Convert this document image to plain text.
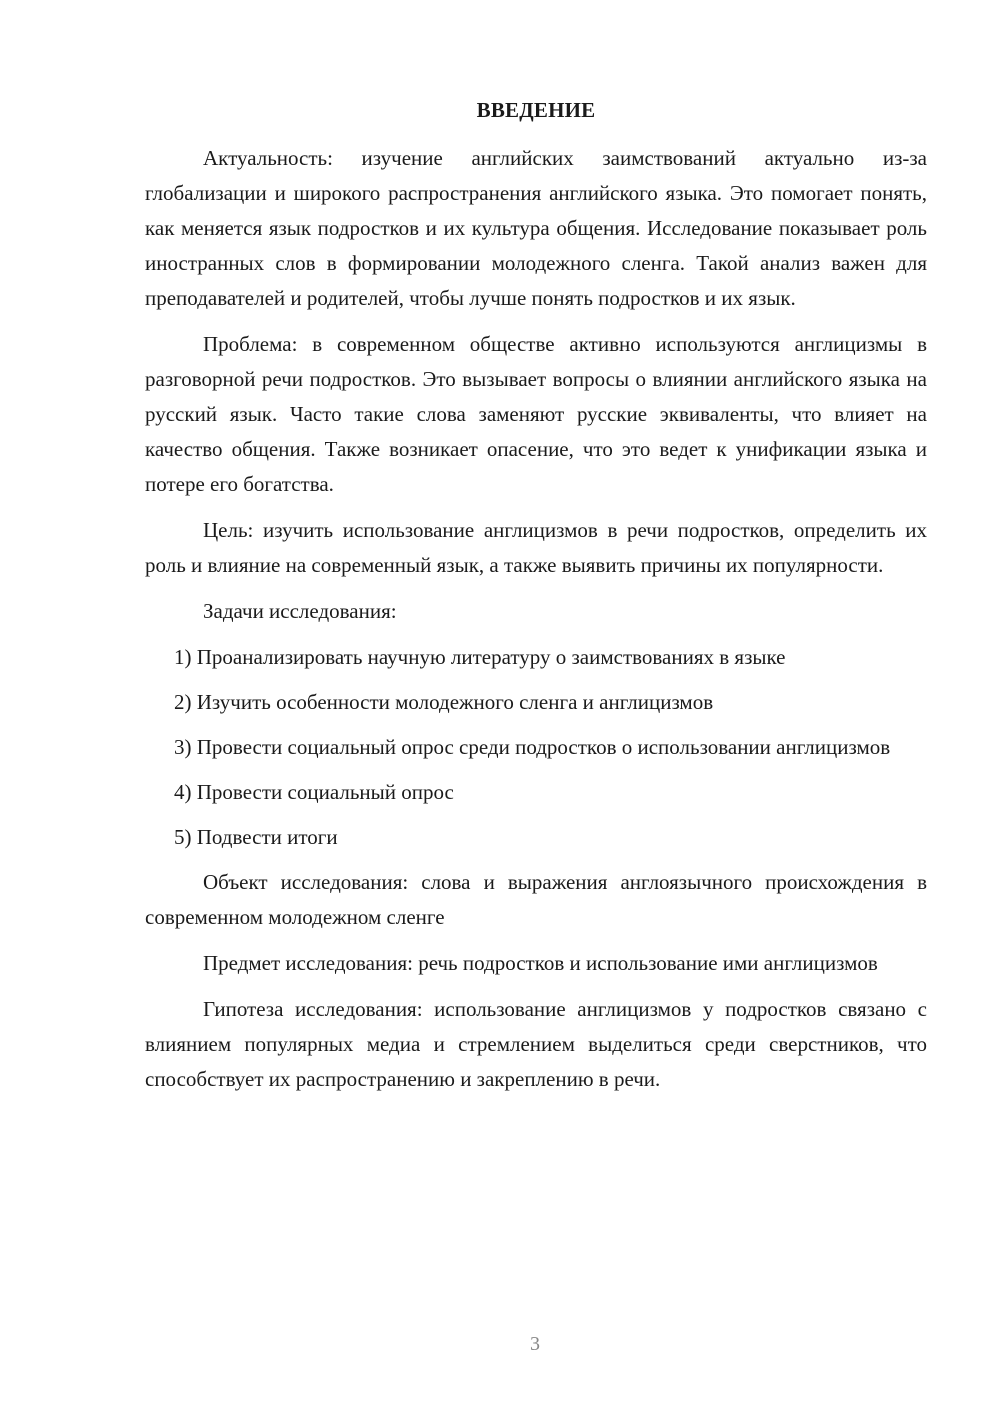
ВВЕДЕНИЕ

Актуальность: изучение английских заимствований актуально из-за глобализации и широкого распространения английского языка. Это помогает понять, как меняется язык подростков и их культура общения. Исследование показывает роль иностранных слов в формировании молодежного сленга. Такой анализ важен для преподавателей и родителей, чтобы лучше понять подростков и их язык.

Проблема: в современном обществе активно используются англицизмы в разговорной речи подростков. Это вызывает вопросы о влиянии английского языка на русский язык. Часто такие слова заменяют русские эквиваленты, что влияет на качество общения. Также возникает опасение, что это ведет к унификации языка и потере его богатства.

Цель: изучить использование англицизмов в речи подростков, определить их роль и влияние на современный язык, а также выявить причины их популярности.

Задачи исследования:

1) Проанализировать научную литературу о заимствованиях в языке

2) Изучить особенности молодежного сленга и англицизмов

3) Провести социальный опрос среди подростков о использовании англицизмов

4) Провести социальный опрос

5) Подвести итоги

Объект исследования: слова и выражения англоязычного происхождения в современном молодежном сленге

Предмет исследования: речь подростков и использование ими англицизмов

Гипотеза исследования: использование англицизмов у подростков связано с влиянием популярных медиа и стремлением выделиться среди сверстников, что способствует их распространению и закреплению в речи.

3
